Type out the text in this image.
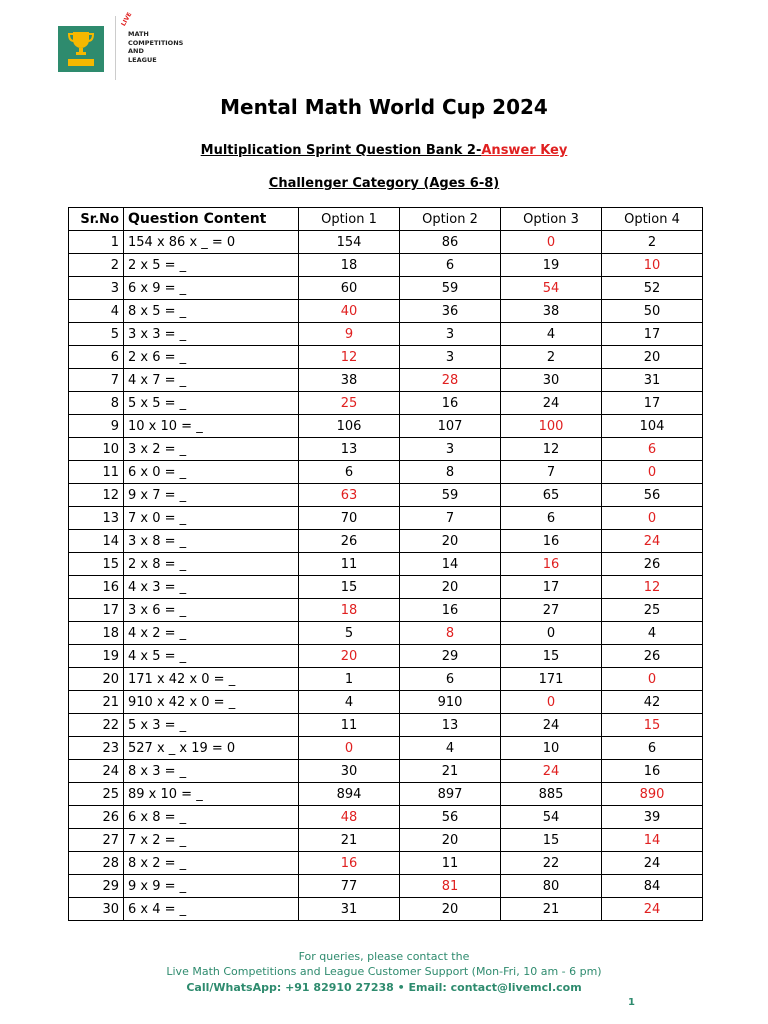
LIVE
MATH
COMPETITIONS
AND
LEAGUE
Mental Math World Cup 2024
Multiplication Sprint Question Bank 2-Answer Key
Challenger Category (Ages 6-8)
Sr.No	Question Content	Option 1	Option 2	Option 3	Option 4
1	154 x 86 x _ = 0	154	86	0	2
2	2 x 5 = _	18	6	19	10
3	6 x 9 = _	60	59	54	52
4	8 x 5 = _	40	36	38	50
5	3 x 3 = _	9	3	4	17
6	2 x 6 = _	12	3	2	20
7	4 x 7 = _	38	28	30	31
8	5 x 5 = _	25	16	24	17
9	10 x 10 = _	106	107	100	104
10	3 x 2 = _	13	3	12	6
11	6 x 0 = _	6	8	7	0
12	9 x 7 = _	63	59	65	56
13	7 x 0 = _	70	7	6	0
14	3 x 8 = _	26	20	16	24
15	2 x 8 = _	11	14	16	26
16	4 x 3 = _	15	20	17	12
17	3 x 6 = _	18	16	27	25
18	4 x 2 = _	5	8	0	4
19	4 x 5 = _	20	29	15	26
20	171 x 42 x 0 = _	1	6	171	0
21	910 x 42 x 0 = _	4	910	0	42
22	5 x 3 = _	11	13	24	15
23	527 x _ x 19 = 0	0	4	10	6
24	8 x 3 = _	30	21	24	16
25	89 x 10 = _	894	897	885	890
26	6 x 8 = _	48	56	54	39
27	7 x 2 = _	21	20	15	14
28	8 x 2 = _	16	11	22	24
29	9 x 9 = _	77	81	80	84
30	6 x 4 = _	31	20	21	24
For queries, please contact the
Live Math Competitions and League Customer Support (Mon-Fri, 10 am - 6 pm)
Call/WhatsApp: +91 82910 27238 • Email: contact@livemcl.com
1
